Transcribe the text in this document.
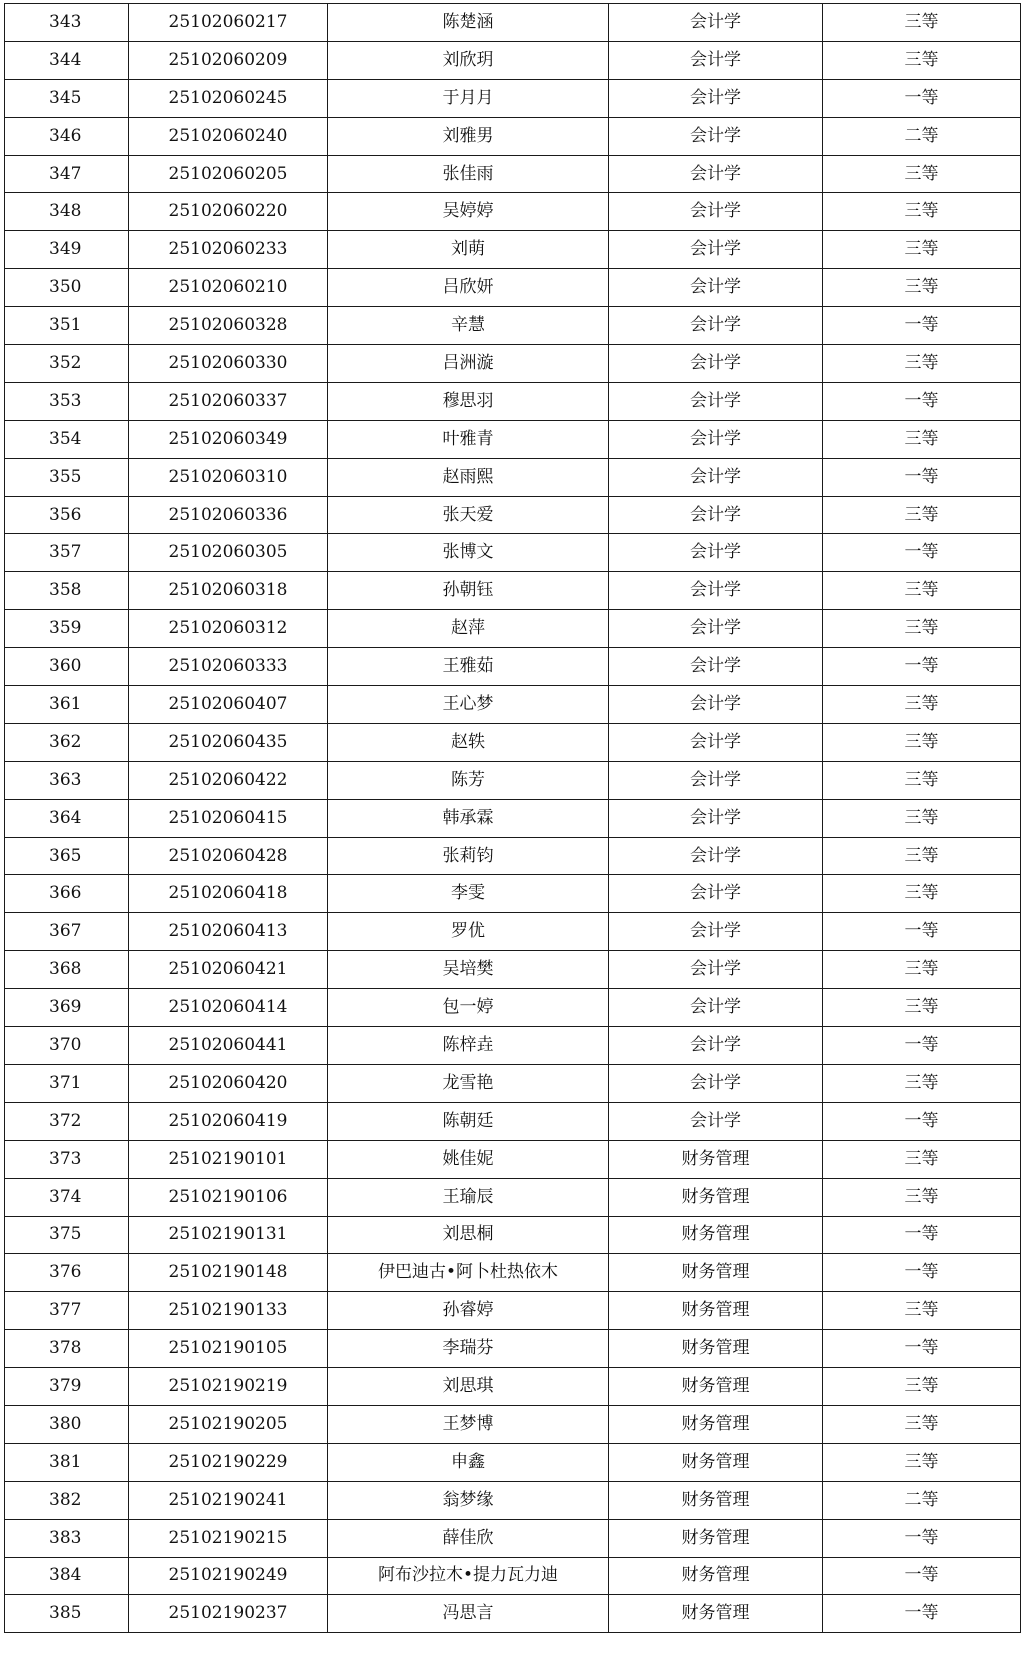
343	25102060217	陈楚涵	会计学	三等
344	25102060209	刘欣玥	会计学	三等
345	25102060245	于月月	会计学	一等
346	25102060240	刘雅男	会计学	二等
347	25102060205	张佳雨	会计学	三等
348	25102060220	吴婷婷	会计学	三等
349	25102060233	刘萌	会计学	三等
350	25102060210	吕欣妍	会计学	三等
351	25102060328	辛慧	会计学	一等
352	25102060330	吕洲漩	会计学	三等
353	25102060337	穆思羽	会计学	一等
354	25102060349	叶雅青	会计学	三等
355	25102060310	赵雨熙	会计学	一等
356	25102060336	张天爱	会计学	三等
357	25102060305	张博文	会计学	一等
358	25102060318	孙朝钰	会计学	三等
359	25102060312	赵萍	会计学	三等
360	25102060333	王雅茹	会计学	一等
361	25102060407	王心梦	会计学	三等
362	25102060435	赵轶	会计学	三等
363	25102060422	陈芳	会计学	三等
364	25102060415	韩承霖	会计学	三等
365	25102060428	张莉钧	会计学	三等
366	25102060418	李雯	会计学	三等
367	25102060413	罗优	会计学	一等
368	25102060421	吴培樊	会计学	三等
369	25102060414	包一婷	会计学	三等
370	25102060441	陈梓垚	会计学	一等
371	25102060420	龙雪艳	会计学	三等
372	25102060419	陈朝廷	会计学	一等
373	25102190101	姚佳妮	财务管理	三等
374	25102190106	王瑜辰	财务管理	三等
375	25102190131	刘思桐	财务管理	一等
376	25102190148	伊巴迪古•阿卜杜热依木	财务管理	一等
377	25102190133	孙睿婷	财务管理	三等
378	25102190105	李瑞芬	财务管理	一等
379	25102190219	刘思琪	财务管理	三等
380	25102190205	王梦博	财务管理	三等
381	25102190229	申鑫	财务管理	三等
382	25102190241	翁梦缘	财务管理	二等
383	25102190215	薛佳欣	财务管理	一等
384	25102190249	阿布沙拉木•提力瓦力迪	财务管理	一等
385	25102190237	冯思言	财务管理	一等
